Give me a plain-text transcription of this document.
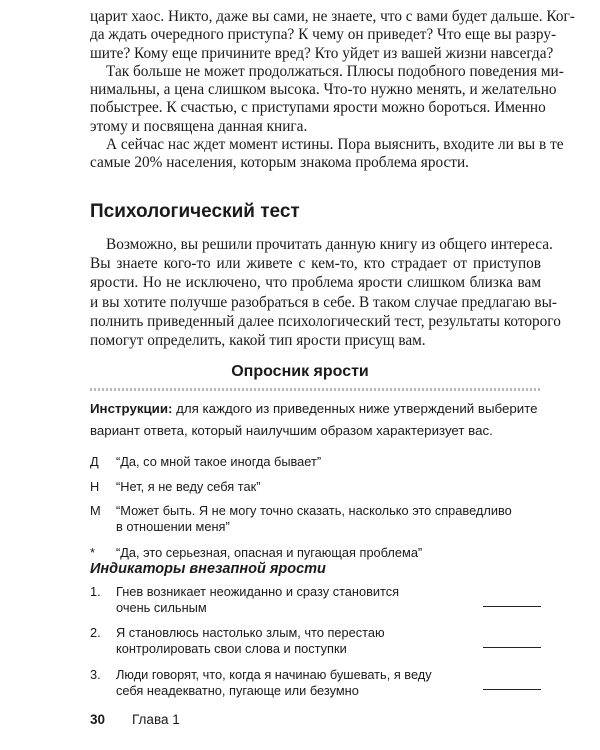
царит хаос. Никто, даже вы сами, не знаете, что с вами будет дальше. Ког-
да ждать очередного приступа? К чему он приведет? Что еще вы разру-
шите? Кому еще причините вред? Кто уйдет из вашей жизни навсегда?
Так больше не может продолжаться. Плюсы подобного поведения ми-
нимальны, а цена слишком высока. Что-то нужно менять, и желательно
побыстрее. К счастью, с приступами ярости можно бороться. Именно
этому и посвящена данная книга.
А сейчас нас ждет момент истины. Пора выяснить, входите ли вы в те
самые 20% населения, которым знакома проблема ярости.
Психологический тест
Возможно, вы решили прочитать данную книгу из общего интереса.
Вы знаете кого-то или живете с кем-то, кто страдает от приступов
ярости. Но не исключено, что проблема ярости слишком близка вам
и вы хотите получше разобраться в себе. В таком случае предлагаю вы-
полнить приведенный далее психологический тест, результаты которого
помогут определить, какой тип ярости присущ вам.
Опросник ярости
Инструкции: для каждого из приведенных ниже утверждений выберите вариант ответа, который наилучшим образом характеризует вас.
Д “Да, со мной такое иногда бывает”
Н “Нет, я не веду себя так”
М “Может быть. Я не могу точно сказать, насколько это справедливо в отношении меня”
* “Да, это серьезная, опасная и пугающая проблема”
Индикаторы внезапной ярости
1. Гнев возникает неожиданно и сразу становится очень сильным
2. Я становлюсь настолько злым, что перестаю контролировать свои слова и поступки
3. Люди говорят, что, когда я начинаю бушевать, я веду себя неадекватно, пугающе или безумно
30 Глава 1
